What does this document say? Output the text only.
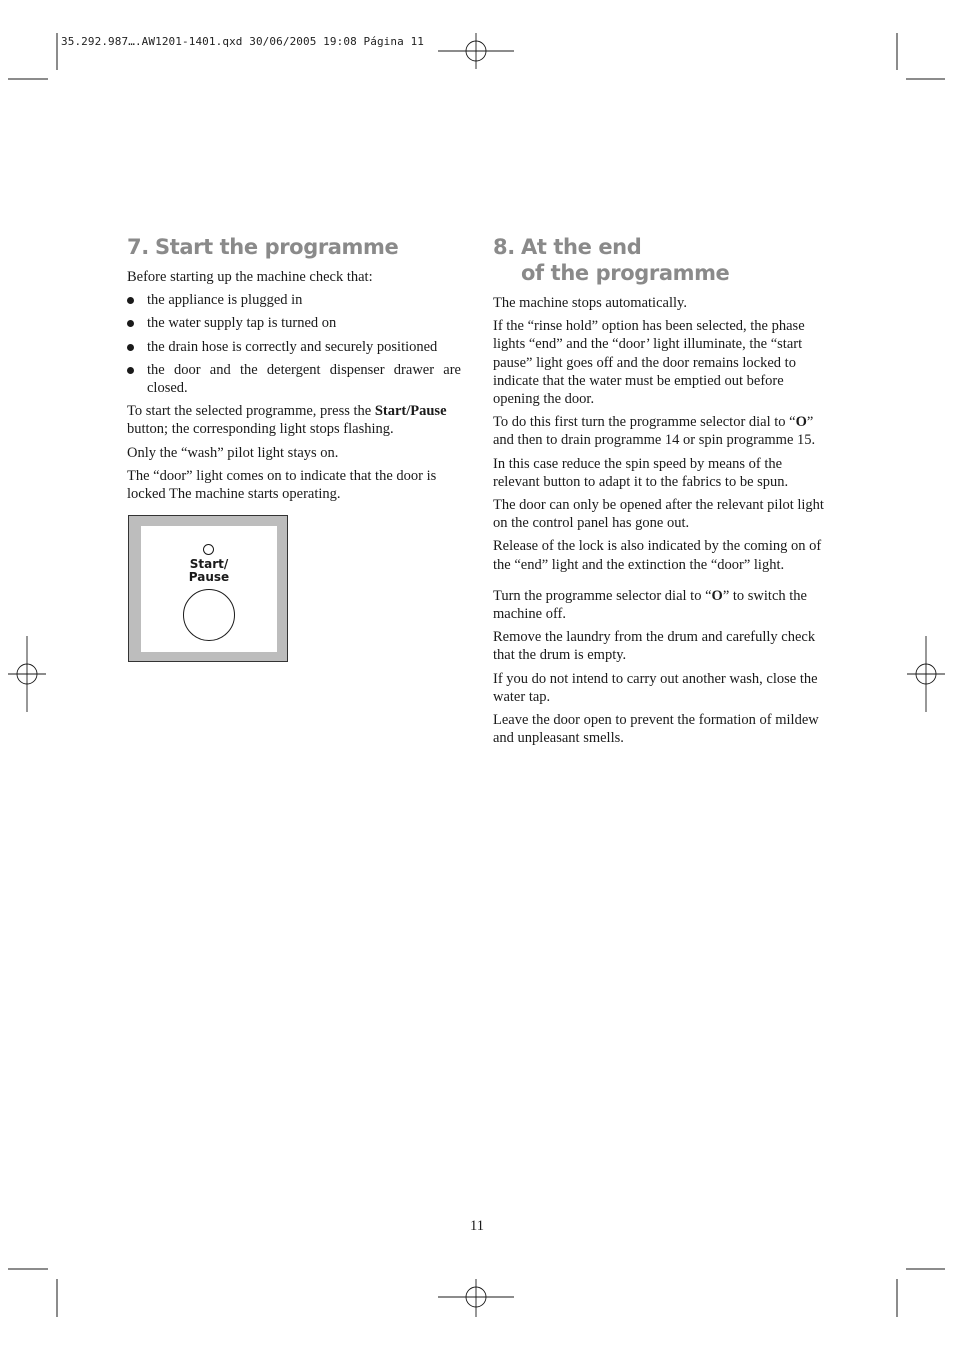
35.292.987….AW1201-1401.qxd 30/06/2005 19:08 Página 11
7. Start the programme

Before starting up the machine check that:

the appliance is plugged in
the water supply tap is turned on
the drain hose is correctly and securely positioned
the door and the detergent dispenser drawer are closed.

To start the selected programme, press the Start/Pause button; the corresponding light stops flashing.

Only the “wash” pilot light stays on.

The “door” light comes on to indicate that the door is locked The machine starts operating.

Start/
Pause
8. At the end
of the programme

The machine stops automatically.

If the “rinse hold” option has been selected, the phase lights “end” and the “door’ light illuminate, the “start pause” light goes off and the door remains locked to indicate that the water must be emptied out before opening the door.

To do this first turn the programme selector dial to “O” and then to drain programme 14 or spin programme 15.

In this case reduce the spin speed by means of the relevant button to adapt it to the fabrics to be spun.

The door can only be opened after the relevant pilot light on the control panel has gone out.

Release of the lock is also indicated by the coming on of the “end” light and the extinction the “door” light.

Turn the programme selector dial to “O” to switch the machine off.

Remove the laundry from the drum and carefully check that the drum is empty.

If you do not intend to carry out another wash, close the water tap.

Leave the door open to prevent the formation of mildew and unpleasant smells.

11
